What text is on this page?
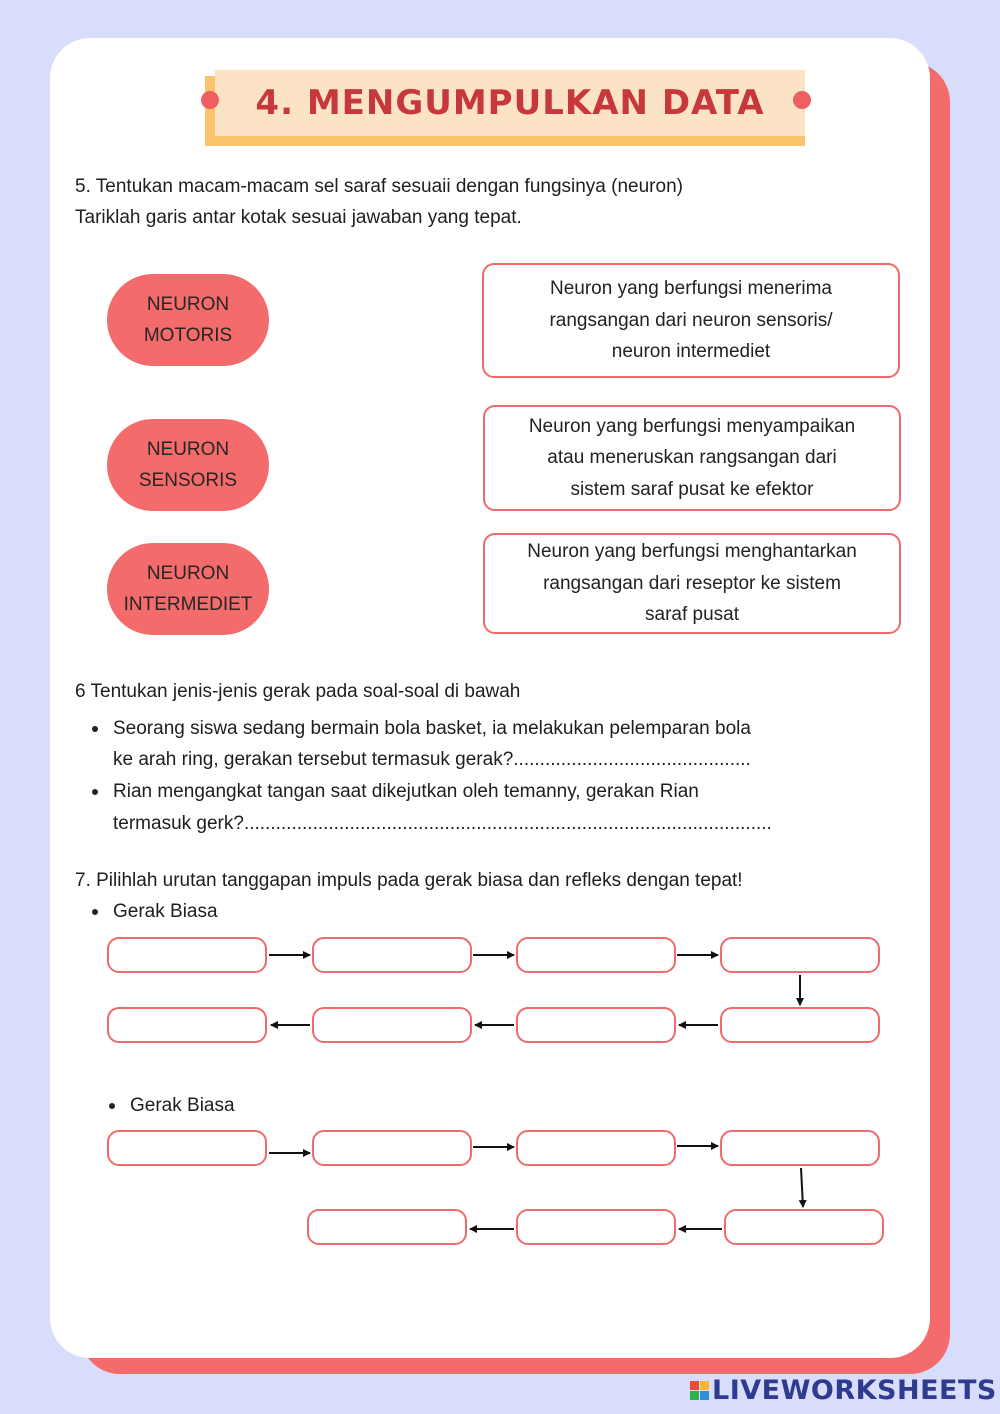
4. MENGUMPULKAN DATA
5. Tentukan macam-macam sel saraf sesuaii dengan fungsinya (neuron)
Tariklah garis antar kotak sesuai jawaban yang tepat.
NEURON
MOTORIS
NEURON
SENSORIS
NEURON
INTERMEDIET
Neuron yang berfungsi menerima
rangsangan dari neuron sensoris/
neuron intermediet
Neuron yang berfungsi menyampaikan
atau meneruskan rangsangan dari
sistem saraf pusat ke efektor
Neuron yang berfungsi menghantarkan
rangsangan dari reseptor ke sistem
saraf pusat
6 Tentukan jenis-jenis gerak pada soal-soal di bawah
Seorang siswa sedang bermain bola basket, ia melakukan pelemparan bola
ke arah ring, gerakan tersebut termasuk gerak?.............................................
Rian mengangkat tangan saat dikejutkan oleh temanny, gerakan Rian
termasuk gerk?....................................................................................................
7. Pilihlah urutan tanggapan impuls pada gerak biasa dan refleks dengan tepat!
Gerak Biasa
Gerak Biasa
LIVEWORKSHEETS
